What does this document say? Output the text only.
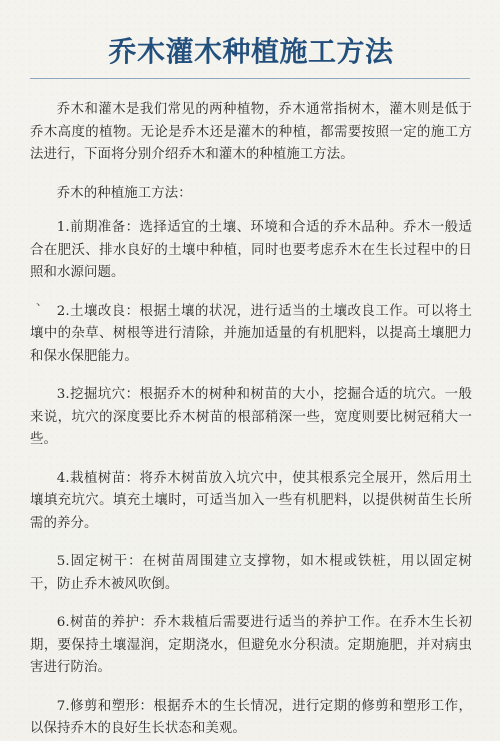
乔木灌木种植施工方法

乔木和灌木是我们常见的两种植物，乔木通常指树木，灌木则是低于乔木高度的植物。无论是乔木还是灌木的种植，都需要按照一定的施工方法进行，下面将分别介绍乔木和灌木的种植施工方法。

乔木的种植施工方法：

1.前期准备：选择适宜的土壤、环境和合适的乔木品种。乔木一般适合在肥沃、排水良好的土壤中种植，同时也要考虑乔木在生长过程中的日照和水源问题。

2.土壤改良：根据土壤的状况，进行适当的土壤改良工作。可以将土壤中的杂草、树根等进行清除，并施加适量的有机肥料，以提高土壤肥力和保水保肥能力。

3.挖掘坑穴：根据乔木的树种和树苗的大小，挖掘合适的坑穴。一般来说，坑穴的深度要比乔木树苗的根部稍深一些，宽度则要比树冠稍大一些。

4.栽植树苗：将乔木树苗放入坑穴中，使其根系完全展开，然后用土壤填充坑穴。填充土壤时，可适当加入一些有机肥料，以提供树苗生长所需的养分。

5.固定树干：在树苗周围建立支撑物，如木棍或铁桩，用以固定树干，防止乔木被风吹倒。

6.树苗的养护：乔木栽植后需要进行适当的养护工作。在乔木生长初期，要保持土壤湿润，定期浇水，但避免水分积渍。定期施肥，并对病虫害进行防治。

7.修剪和塑形：根据乔木的生长情况，进行定期的修剪和塑形工作，以保持乔木的良好生长状态和美观。

、
